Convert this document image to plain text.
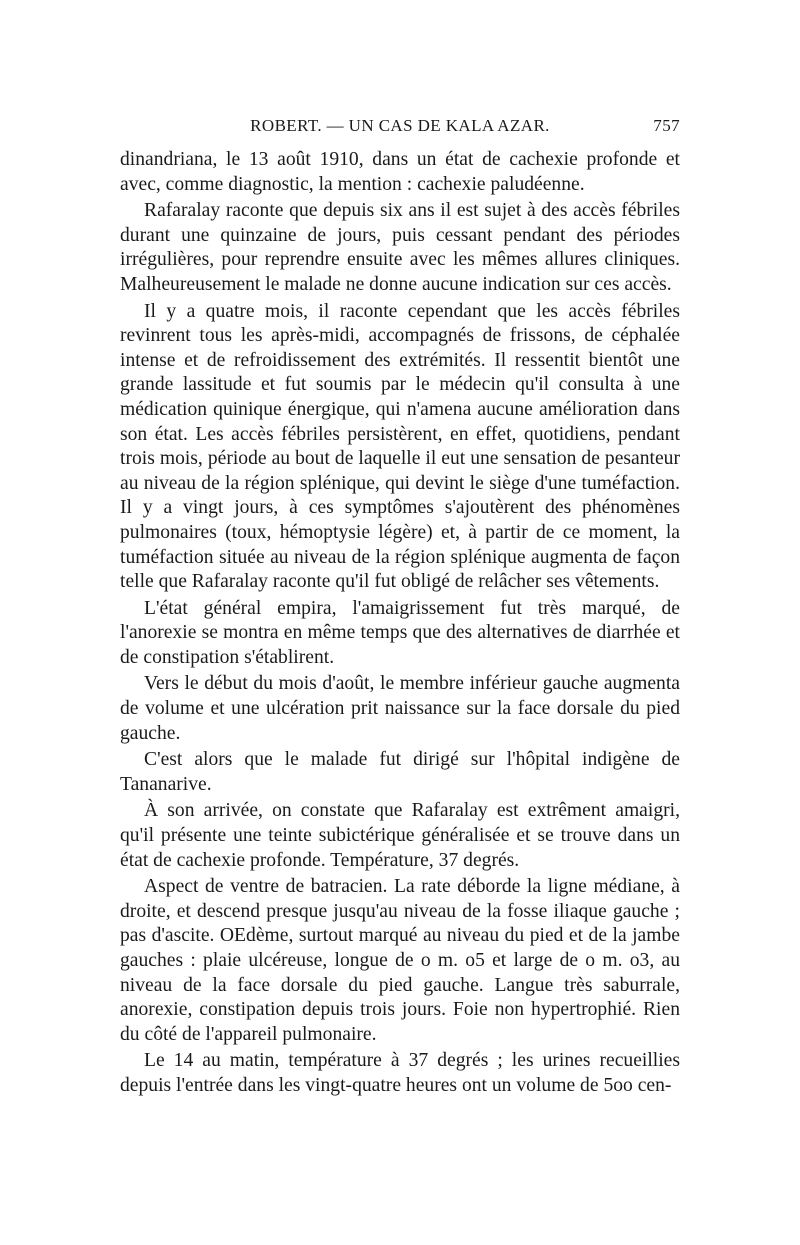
ROBERT. — UN CAS DE KALA AZAR.	757

dinandriana, le 13 août 1910, dans un état de cachexie profonde et avec, comme diagnostic, la mention : cachexie paludéenne.

Rafaralay raconte que depuis six ans il est sujet à des accès fébriles durant une quinzaine de jours, puis cessant pendant des périodes irrégulières, pour reprendre ensuite avec les mêmes allures cliniques. Malheureusement le malade ne donne aucune indication sur ces accès.

Il y a quatre mois, il raconte cependant que les accès fébriles revinrent tous les après-midi, accompagnés de frissons, de céphalée intense et de refroidissement des extrémités. Il ressentit bientôt une grande lassitude et fut soumis par le médecin qu'il consulta à une médication quinique énergique, qui n'amena aucune amélioration dans son état. Les accès fébriles persistèrent, en effet, quotidiens, pendant trois mois, période au bout de laquelle il eut une sensation de pesanteur au niveau de la région splénique, qui devint le siège d'une tuméfaction. Il y a vingt jours, à ces symptômes s'ajoutèrent des phénomènes pulmonaires (toux, hémoptysie légère) et, à partir de ce moment, la tuméfaction située au niveau de la région splénique augmenta de façon telle que Rafaralay raconte qu'il fut obligé de relâcher ses vêtements.

L'état général empira, l'amaigrissement fut très marqué, de l'anorexie se montra en même temps que des alternatives de diarrhée et de constipation s'établirent.

Vers le début du mois d'août, le membre inférieur gauche augmenta de volume et une ulcération prit naissance sur la face dorsale du pied gauche.

C'est alors que le malade fut dirigé sur l'hôpital indigène de Tananarive.

À son arrivée, on constate que Rafaralay est extrêment amaigri, qu'il présente une teinte subictérique généralisée et se trouve dans un état de cachexie profonde. Température, 37 degrés.

Aspect de ventre de batracien. La rate déborde la ligne médiane, à droite, et descend presque jusqu'au niveau de la fosse iliaque gauche ; pas d'ascite. OEdème, surtout marqué au niveau du pied et de la jambe gauches : plaie ulcéreuse, longue de o m. o5 et large de o m. o3, au niveau de la face dorsale du pied gauche. Langue très saburrale, anorexie, constipation depuis trois jours. Foie non hypertrophié. Rien du côté de l'appareil pulmonaire.

Le 14 au matin, température à 37 degrés ; les urines recueillies depuis l'entrée dans les vingt-quatre heures ont un volume de 5oo cen-
